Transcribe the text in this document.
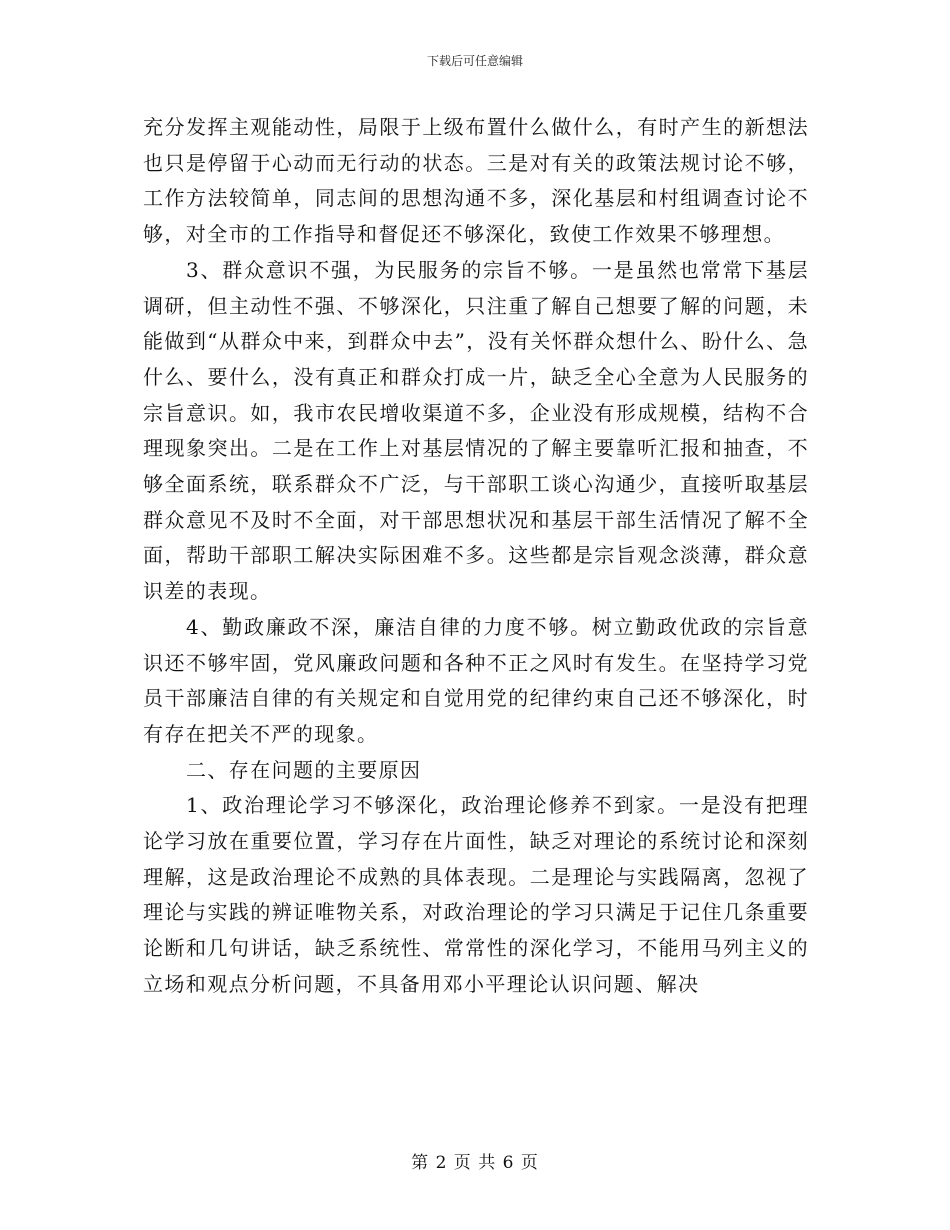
下载后可任意编辑

充分发挥主观能动性，局限于上级布置什么做什么，有时产生的新想法也只是停留于心动而无行动的状态。三是对有关的政策法规讨论不够，工作方法较简单，同志间的思想沟通不多，深化基层和村组调查讨论不够，对全市的工作指导和督促还不够深化，致使工作效果不够理想。

3、群众意识不强，为民服务的宗旨不够。一是虽然也常常下基层调研，但主动性不强、不够深化，只注重了解自己想要了解的问题，未能做到“从群众中来，到群众中去”，没有关怀群众想什么、盼什么、急什么、要什么，没有真正和群众打成一片，缺乏全心全意为人民服务的宗旨意识。如，我市农民增收渠道不多，企业没有形成规模，结构不合理现象突出。二是在工作上对基层情况的了解主要靠听汇报和抽查，不够全面系统，联系群众不广泛，与干部职工谈心沟通少，直接听取基层群众意见不及时不全面，对干部思想状况和基层干部生活情况了解不全面，帮助干部职工解决实际困难不多。这些都是宗旨观念淡薄，群众意识差的表现。

4、勤政廉政不深，廉洁自律的力度不够。树立勤政优政的宗旨意识还不够牢固，党风廉政问题和各种不正之风时有发生。在坚持学习党员干部廉洁自律的有关规定和自觉用党的纪律约束自己还不够深化，时有存在把关不严的现象。

二、存在问题的主要原因

1、政治理论学习不够深化，政治理论修养不到家。一是没有把理论学习放在重要位置，学习存在片面性，缺乏对理论的系统讨论和深刻理解，这是政治理论不成熟的具体表现。二是理论与实践隔离，忽视了理论与实践的辨证唯物关系，对政治理论的学习只满足于记住几条重要论断和几句讲话，缺乏系统性、常常性的深化学习，不能用马列主义的立场和观点分析问题，不具备用邓小平理论认识问题、解决

第 2 页 共 6 页
